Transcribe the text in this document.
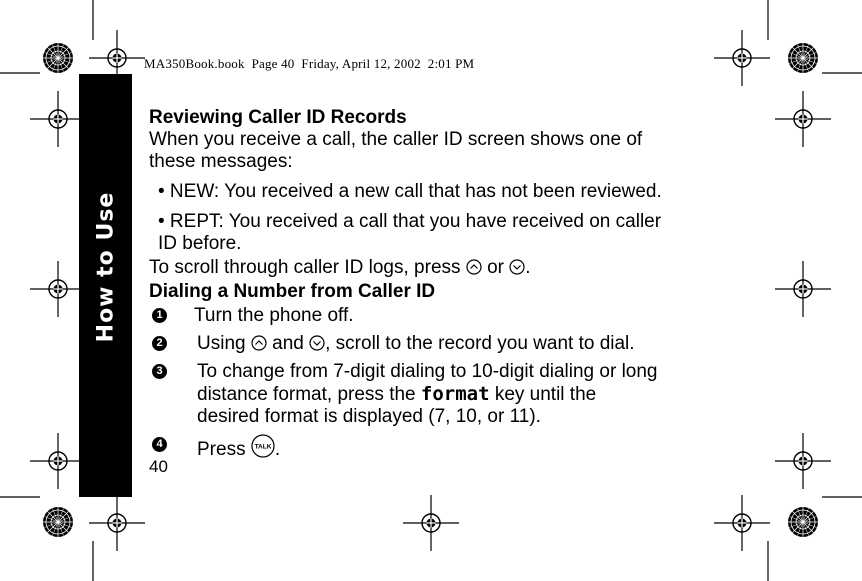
MA350Book.book  Page 40  Friday, April 12, 2002  2:01 PM
How to Use

Reviewing Caller ID Records

When you receive a call, the caller ID screen shows one of

these messages:

• NEW: You received a new call that has not been reviewed.

• REPT: You received a call that you have received on caller

ID before.

To scroll through caller ID logs, press or .

Dialing a Number from Caller ID

1 Turn the phone off.
2 Using and , scroll to the record you want to dial.
3 To change from 7-digit dialing to 10-digit dialing or long
distance format, press the format key until the
desired format is displayed (7, 10, or 11).
4 Press TALK .
40
